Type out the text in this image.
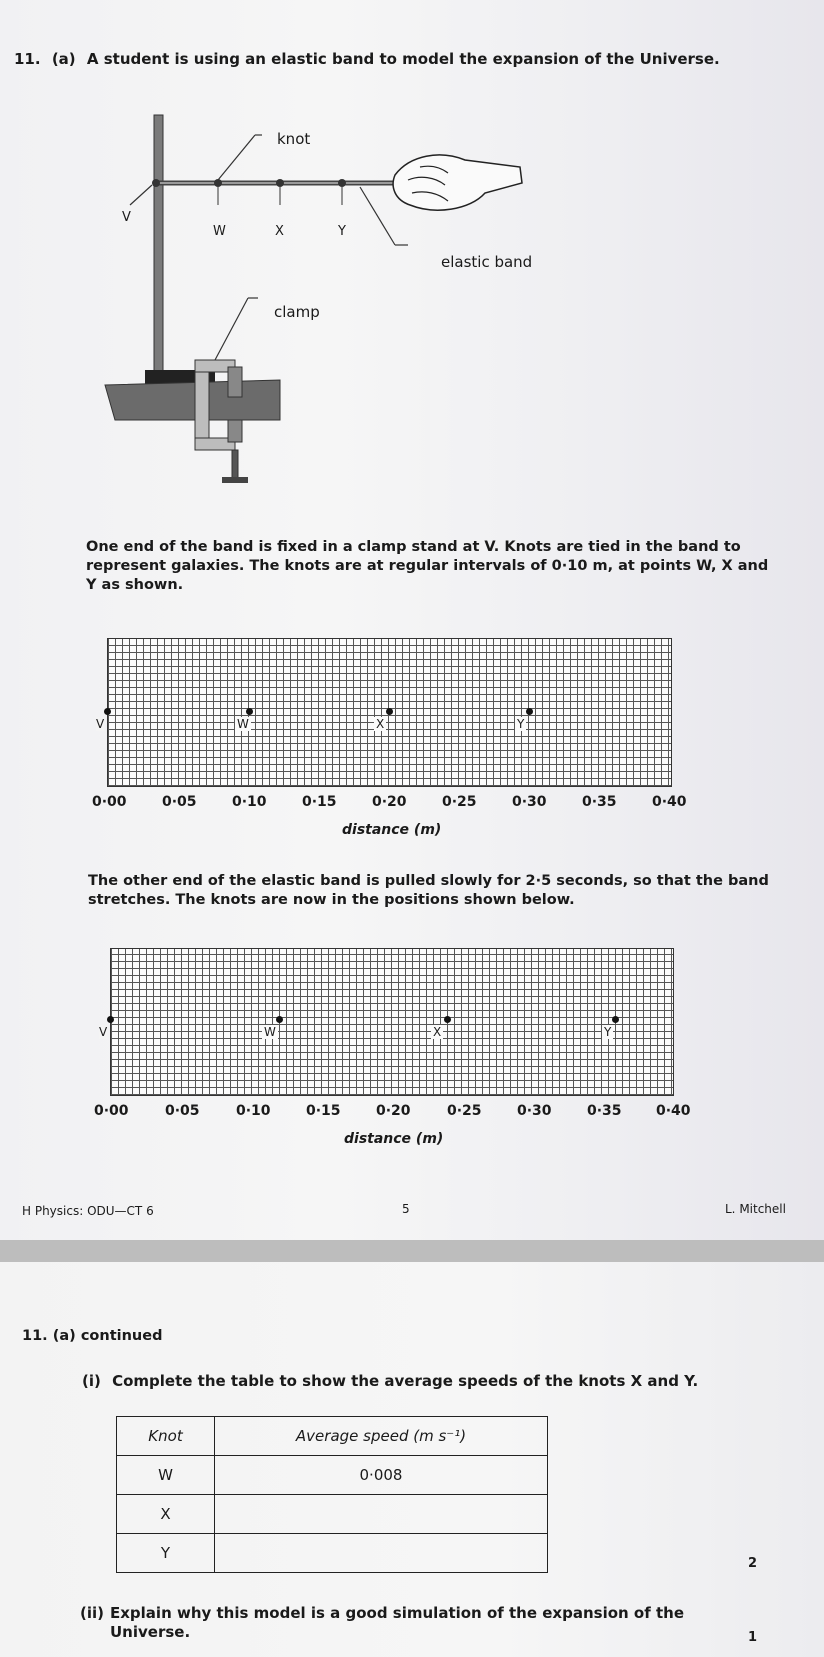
11. (a) A student is using an elastic band to model the expansion of the Universe.
knot
elastic band
clamp
V
W	X	Y
One end of the band is fixed in a clamp stand at V. Knots are tied in the band to represent galaxies. The knots are at regular intervals of 0·10 m, at points W, X and Y as shown.
V	W	X	Y
0·00	0·05	0·10	0·15	0·20	0·25	0·30	0·35	0·40
distance (m)
The other end of the elastic band is pulled slowly for 2·5 seconds, so that the band stretches. The knots are now in the positions shown below.
V	W	X	Y
0·00	0·05	0·10	0·15	0·20	0·25	0·30	0·35 0·40
distance (m)
H Physics: ODU—CT 6	5	L. Mitchell
11. (a) continued
(i) Complete the table to show the average speeds of the knots X and Y.
Knot	Average speed (m s⁻¹)
W	0·008
X	
Y	
2
(ii) Explain why this model is a good simulation of the expansion of the Universe.	1
